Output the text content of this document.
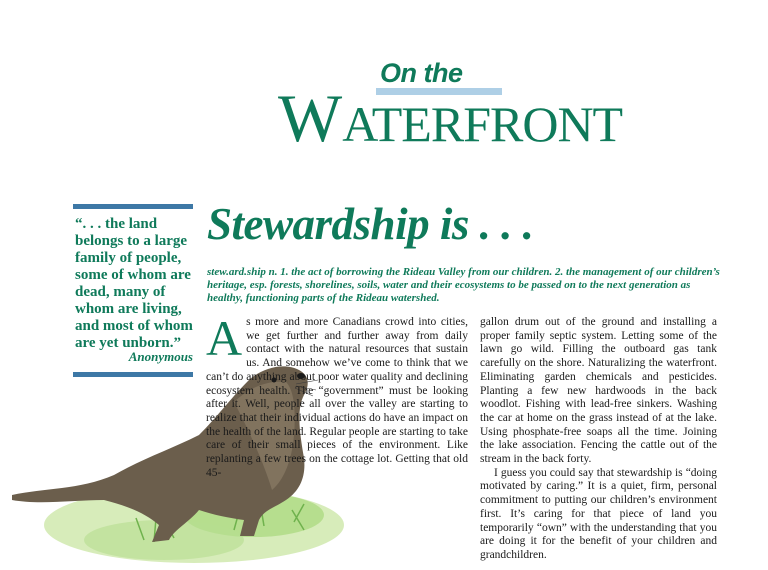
On the
WATERFRONT
“. . . the land belongs to a large family of people, some of whom are dead, many of whom are living, and most of whom are yet unborn.”
Anonymous
Stewardship is . . .
stew.ard.ship n. 1. the act of borrowing the Rideau Valley from our children. 2. the management of our children’s heritage, esp. forests, shorelines, soils, water and their ecosystems to be passed on to the next generation as healthy, functioning parts of the Rideau watershed.
A s more and more Canadians crowd into cities, we get further and further away from daily contact with the natural resources that sustain us. And somehow we’ve come to think that we can’t do anything about poor water quality and declining ecosystem health. The “government” must be looking after it. Well, people all over the valley are starting to realize that their individual actions do have an impact on the health of the land. Regular people are starting to take care of their small pieces of the environment. Like replanting a few trees on the cottage lot. Getting that old 45-

gallon drum out of the ground and installing a proper family septic system. Letting some of the lawn go wild. Filling the outboard gas tank carefully on the shore. Naturalizing the waterfront. Eliminating garden chemicals and pesticides. Planting a few new hardwoods in the back woodlot. Fishing with lead-free sinkers. Washing the car at home on the grass instead of at the lake. Using phosphate-free soaps all the time. Joining the lake association. Fencing the cattle out of the stream in the back forty.

I guess you could say that stewardship is “doing motivated by caring.” It is a quiet, firm, personal commitment to putting our children’s environment first. It’s caring for that piece of land you temporarily “own” with the understanding that you are doing it for the benefit of your children and grandchildren.
